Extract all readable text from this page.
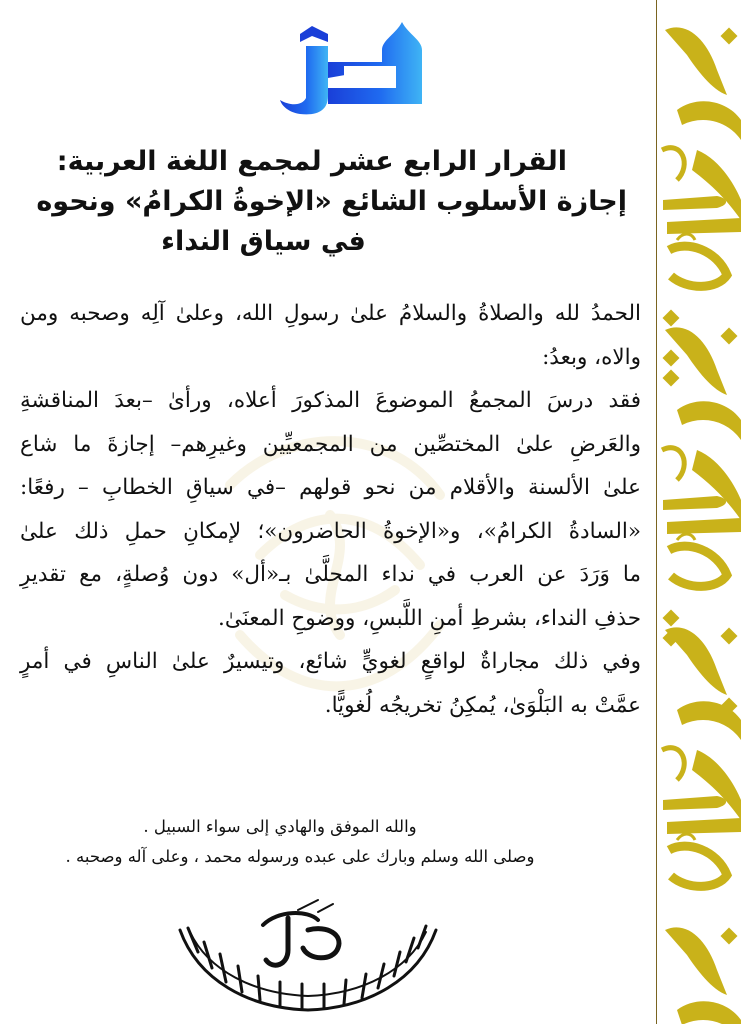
القرار الرابع عشر لمجمع اللغة العربية:
إجازة الأسلوب الشائع «الإخوةُ الكرامُ» ونحوه
في سياق النداء

الحمدُ لله والصلاةُ والسلامُ علىٰ رسولِ الله، وعلىٰ آلِه وصحبه ومن
والاه، وبعدُ:

فقد درسَ المجمعُ الموضوعَ المذكورَ أعلاه، ورأىٰ –بعدَ المناقشةِ
والعَرضِ علىٰ المختصِّين من المجمعيِّين وغيرِهم– إجازةَ ما شاع
علىٰ الألسنة والأقلام من نحو قولهم –في سياقِ الخطابِ – رفعًا:
«السادةُ الكرامُ»، و«الإخوةُ الحاضرون»؛ لإمكانِ حملِ ذلك علىٰ
ما وَرَدَ عن العرب في نداء المحلَّىٰ بـ«أل» دون وُصلةٍ، مع تقديرِ
حذفِ النداء، بشرطِ أمنِ اللَّبسِ، ووضوحِ المعنَىٰ.

وفي ذلك مجاراةٌ لواقعٍ لغويٍّ شائع، وتيسيرٌ علىٰ الناسِ في أمرٍ
عمَّتْ به البَلْوَىٰ، يُمكِنُ تخريجُه لُغويًّا.

والله الموفق والهادي إلى سواء السبيل .
وصلى الله وسلم وبارك على عبده ورسوله محمد ، وعلى آله وصحبه .
